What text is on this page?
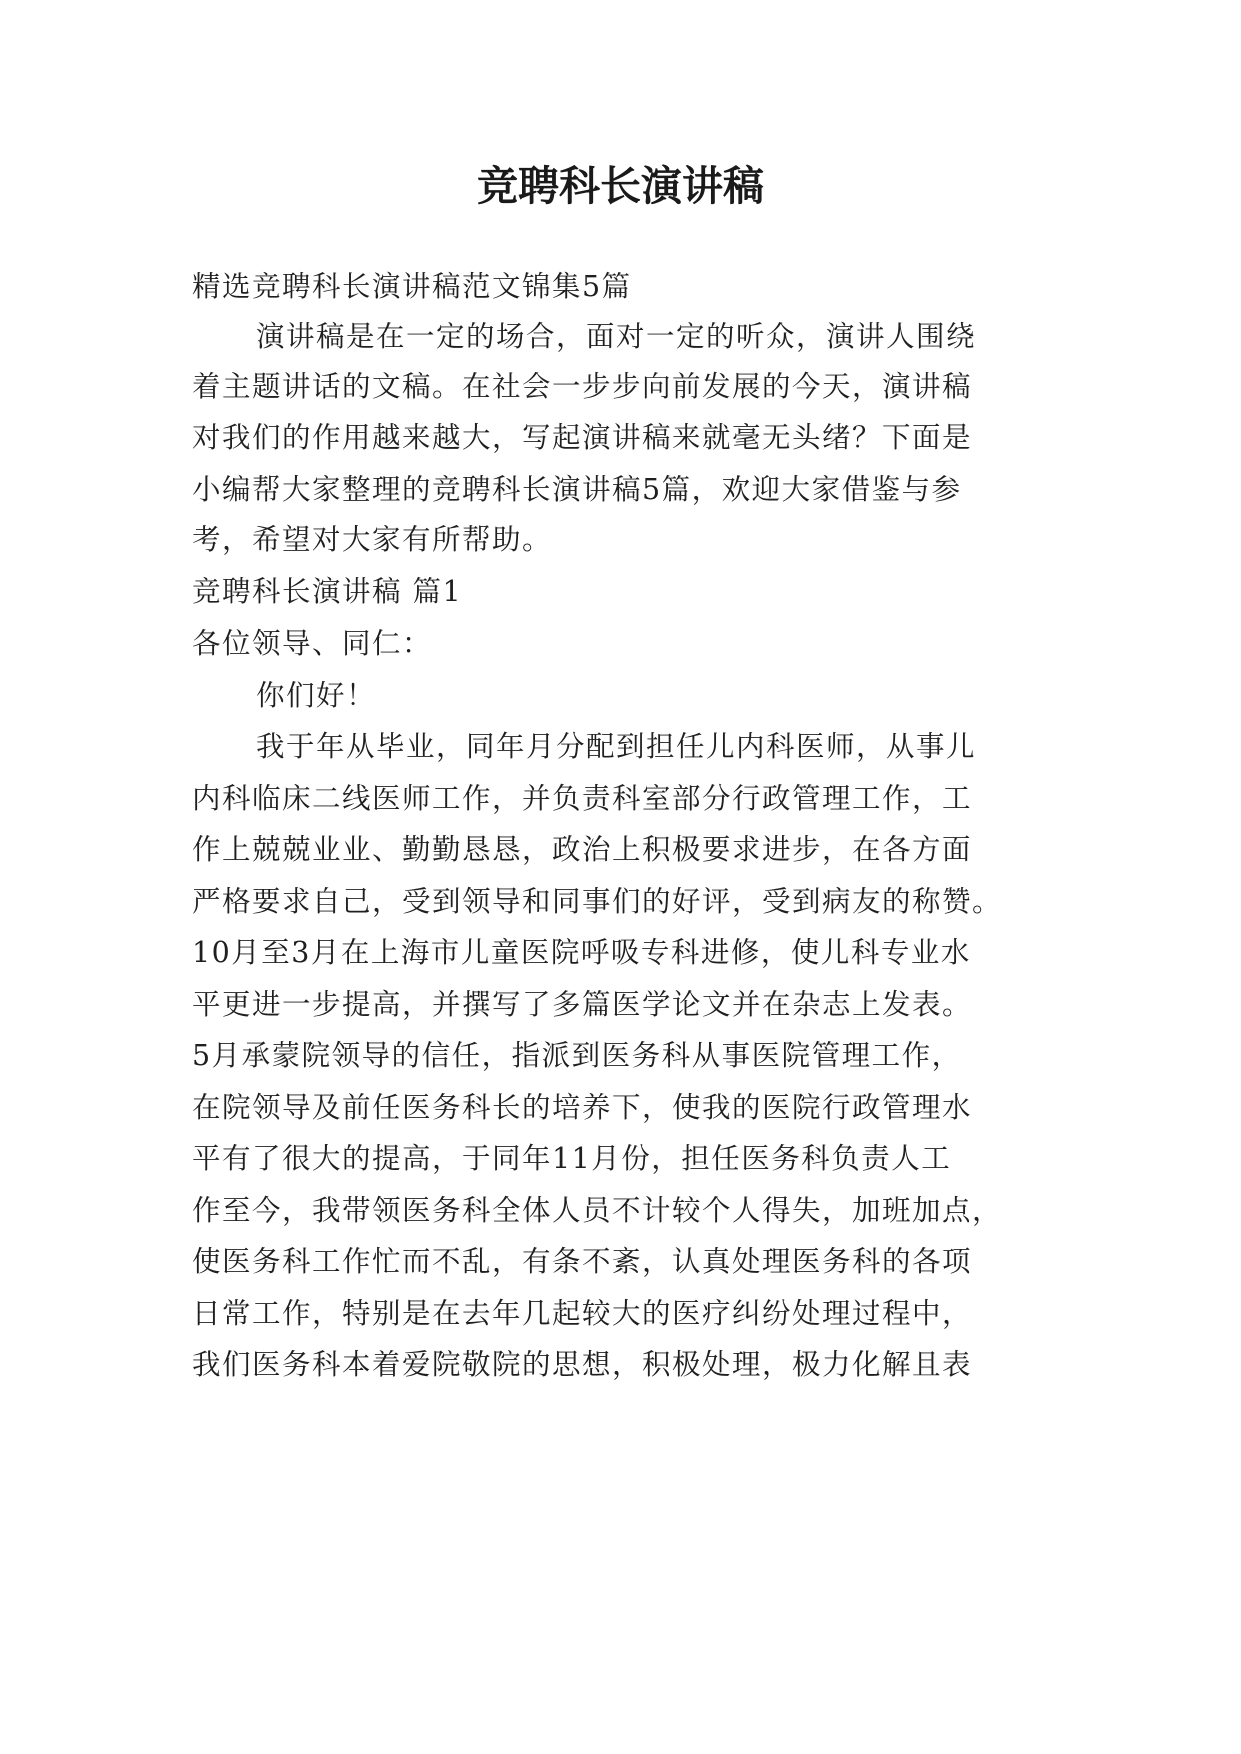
竞聘科长演讲稿

精选竞聘科长演讲稿范文锦集5篇

演讲稿是在一定的场合，面对一定的听众，演讲人围绕

着主题讲话的文稿。在社会一步步向前发展的今天，演讲稿

对我们的作用越来越大，写起演讲稿来就毫无头绪？下面是

小编帮大家整理的竞聘科长演讲稿5篇，欢迎大家借鉴与参

考，希望对大家有所帮助。

竞聘科长演讲稿 篇1

各位领导、同仁：

你们好！

我于年从毕业，同年月分配到担任儿内科医师，从事儿

内科临床二线医师工作，并负责科室部分行政管理工作，工

作上兢兢业业、勤勤恳恳，政治上积极要求进步，在各方面

严格要求自己，受到领导和同事们的好评，受到病友的称赞。

10月至3月在上海市儿童医院呼吸专科进修，使儿科专业水

平更进一步提高，并撰写了多篇医学论文并在杂志上发表。

5月承蒙院领导的信任，指派到医务科从事医院管理工作，

在院领导及前任医务科长的培养下，使我的医院行政管理水

平有了很大的提高，于同年11月份，担任医务科负责人工

作至今，我带领医务科全体人员不计较个人得失，加班加点，

使医务科工作忙而不乱，有条不紊，认真处理医务科的各项

日常工作，特别是在去年几起较大的医疗纠纷处理过程中，

我们医务科本着爱院敬院的思想，积极处理，极力化解且表
